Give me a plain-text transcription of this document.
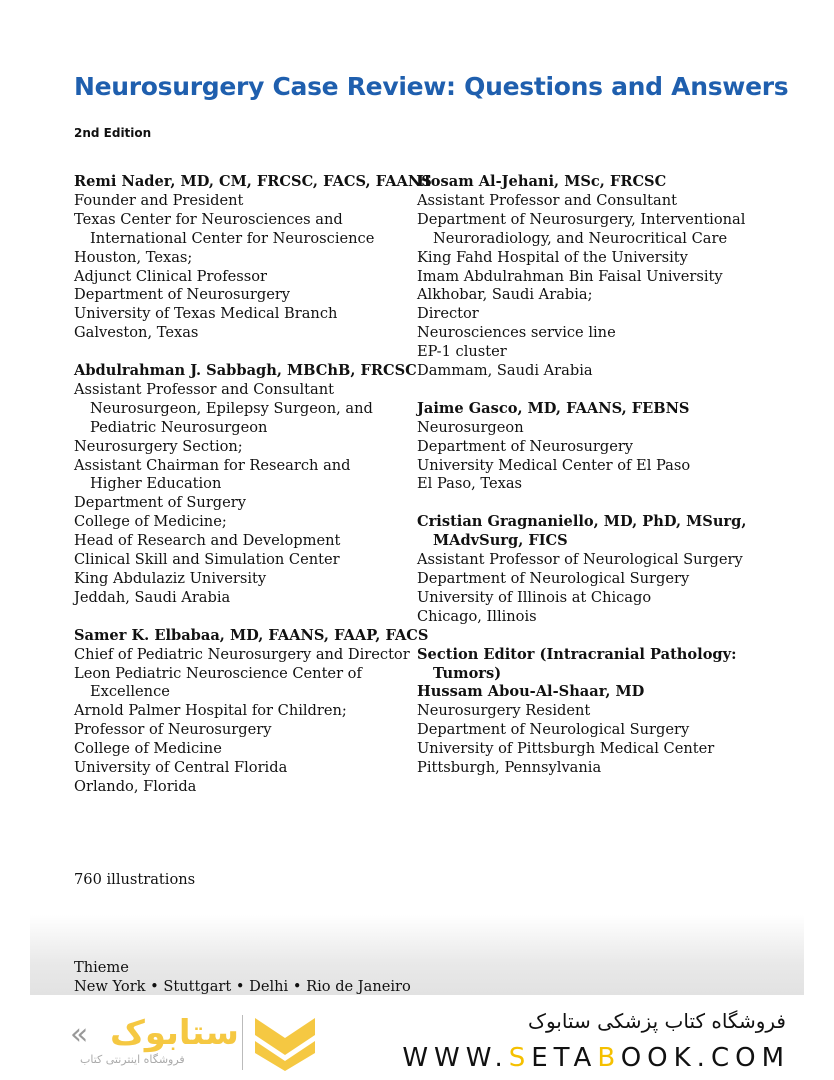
Neurosurgery Case Review: Questions and Answers
2nd Edition
Remi Nader, MD, CM, FRCSC, FACS, FAANS
Founder and President
Texas Center for Neurosciences and
International Center for Neuroscience
Houston, Texas;
Adjunct Clinical Professor
Department of Neurosurgery
University of Texas Medical Branch
Galveston, Texas
Abdulrahman J. Sabbagh, MBChB, FRCSC
Assistant Professor and Consultant
Neurosurgeon, Epilepsy Surgeon, and
Pediatric Neurosurgeon
Neurosurgery Section;
Assistant Chairman for Research and
Higher Education
Department of Surgery
College of Medicine;
Head of Research and Development
Clinical Skill and Simulation Center
King Abdulaziz University
Jeddah, Saudi Arabia
Samer K. Elbabaa, MD, FAANS, FAAP, FACS
Chief of Pediatric Neurosurgery and Director
Leon Pediatric Neuroscience Center of
Excellence
Arnold Palmer Hospital for Children;
Professor of Neurosurgery
College of Medicine
University of Central Florida
Orlando, Florida
Hosam Al-Jehani, MSc, FRCSC
Assistant Professor and Consultant
Department of Neurosurgery, Interventional
Neuroradiology, and Neurocritical Care
King Fahd Hospital of the University
Imam Abdulrahman Bin Faisal University
Alkhobar, Saudi Arabia;
Director
Neurosciences service line
EP-1 cluster
Dammam, Saudi Arabia
Jaime Gasco, MD, FAANS, FEBNS
Neurosurgeon
Department of Neurosurgery
University Medical Center of El Paso
El Paso, Texas
Cristian Gragnaniello, MD, PhD, MSurg,
MAdvSurg, FICS
Assistant Professor of Neurological Surgery
Department of Neurological Surgery
University of Illinois at Chicago
Chicago, Illinois
Section Editor (Intracranial Pathology:
Tumors)
Hussam Abou-Al-Shaar, MD
Neurosurgery Resident
Department of Neurological Surgery
University of Pittsburgh Medical Center
Pittsburgh, Pennsylvania
760 illustrations
Thieme
New York • Stuttgart • Delhi • Rio de Janeiro
« ستابوک
فروشگاه اینترنتی کتاب
فروشگاه کتاب پزشکی ستابوک
WWW.SETABOOK.COM
